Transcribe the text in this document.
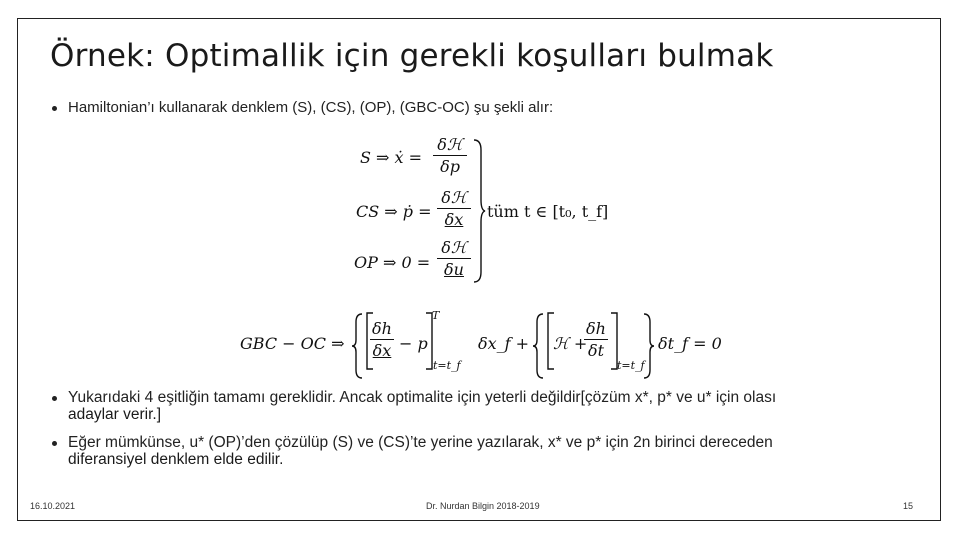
Örnek: Optimallik için gerekli koşulları bulmak
Hamiltonian’ı kullanarak denklem (S), (CS), (OP), (GBC-OC) şu şekli alır:
S ⇒ ẋ =
δℋ
δp
CS ⇒ ṗ =
δℋ
δx
OP ⇒ 0 =
δℋ
δu
tüm t ∈ [t₀, t_f]
GBC − OC ⇒
δh
δx − p
T
t=t_f
δx_f + ℋ +
δh
δt
t=t_f
δt_f = 0
Yukarıdaki 4 eşitliğin tamamı gereklidir. Ancak optimalite için yeterli değildir[çözüm x*, p* ve u* için olası
adaylar verir.]
Eğer mümkünse, u* (OP)’den çözülüp (S) ve (CS)’te yerine yazılarak, x* ve p* için 2n birinci dereceden
diferansiyel denklem elde edilir.
16.10.2021	Dr. Nurdan Bilgin 2018-2019	15
